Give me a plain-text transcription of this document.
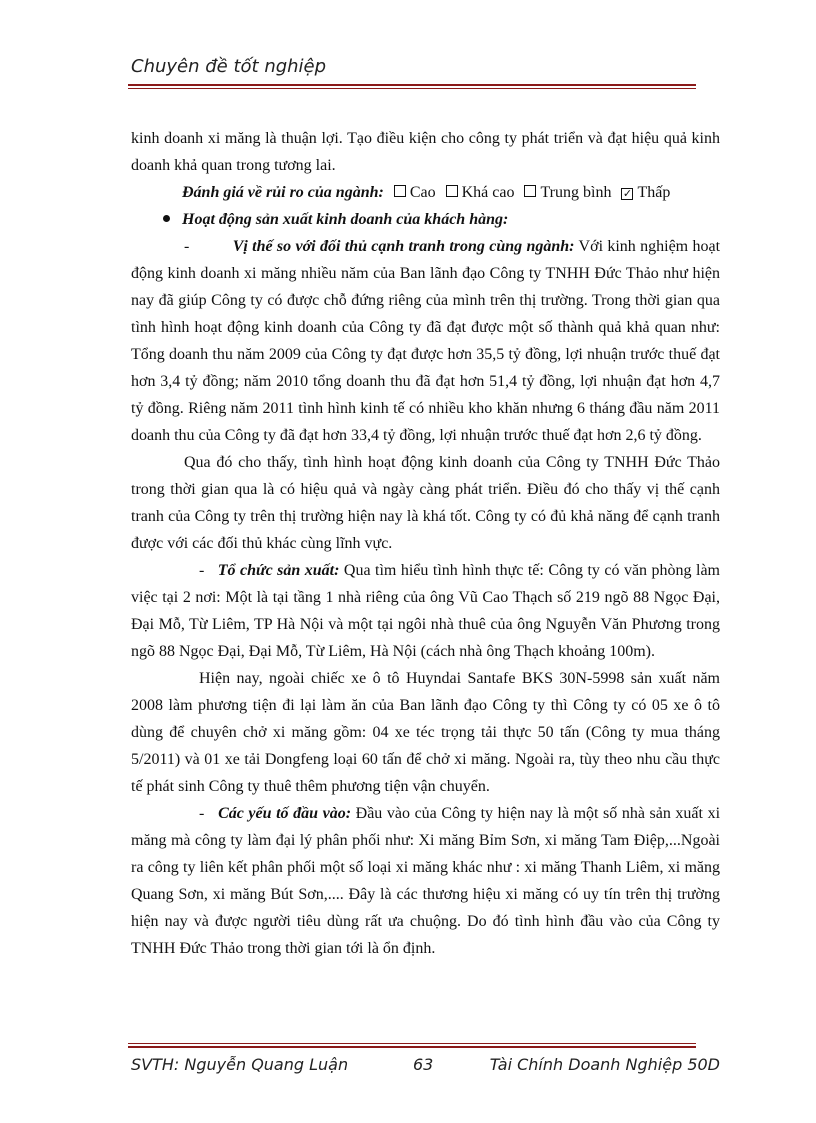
Chuyên đề tốt nghiệp

kinh doanh xi măng là thuận lợi. Tạo điều kiện cho công ty phát triển và đạt hiệu quả kinh doanh khả quan trong tương lai.

Đánh giá về rủi ro của ngành: Cao Khá cao Trung bình ✓ Thấp

Hoạt động sản xuất kinh doanh của khách hàng:

-	Vị thế so với đối thủ cạnh tranh trong cùng ngành: Với kinh nghiệm hoạt động kinh doanh xi măng nhiều năm của Ban lãnh đạo Công ty TNHH Đức Thảo như hiện nay đã giúp Công ty có được chỗ đứng riêng của mình trên thị trường. Trong thời gian qua tình hình hoạt động kinh doanh của Công ty đã đạt được một số thành quả khả quan như: Tổng doanh thu năm 2009 của Công ty đạt được hơn 35,5 tỷ đồng, lợi nhuận trước thuế đạt hơn 3,4 tỷ đồng; năm 2010 tổng doanh thu đã đạt hơn 51,4 tỷ đồng, lợi nhuận đạt hơn 4,7 tỷ đồng. Riêng năm 2011 tình hình kinh tế có nhiều kho khăn nhưng 6 tháng đầu năm 2011 doanh thu của Công ty đã đạt hơn 33,4 tỷ đồng, lợi nhuận trước thuế đạt hơn 2,6 tỷ đồng.

Qua đó cho thấy, tình hình hoạt động kinh doanh của Công ty TNHH Đức Thảo trong thời gian qua là có hiệu quả và ngày càng phát triển. Điều đó cho thấy vị thế cạnh tranh của Công ty trên thị trường hiện nay là khá tốt. Công ty có đủ khả năng để cạnh tranh được với các đối thủ khác cùng lĩnh vực.

- Tổ chức sản xuất: Qua tìm hiểu tình hình thực tế: Công ty có văn phòng làm việc tại 2 nơi: Một là tại tầng 1 nhà riêng của ông Vũ Cao Thạch số 219 ngõ 88 Ngọc Đại, Đại Mỗ, Từ Liêm, TP Hà Nội và một tại ngôi nhà thuê của ông Nguyễn Văn Phương trong ngõ 88 Ngọc Đại, Đại Mỗ, Từ Liêm, Hà Nội (cách nhà ông Thạch khoảng 100m).

Hiện nay, ngoài chiếc xe ô tô Huyndai Santafe BKS 30N-5998 sản xuất năm 2008 làm phương tiện đi lại làm ăn của Ban lãnh đạo Công ty thì Công ty có 05 xe ô tô dùng để chuyên chở xi măng gồm: 04 xe téc trọng tải thực 50 tấn (Công ty mua tháng 5/2011) và 01 xe tải Dongfeng loại 60 tấn để chở xi măng. Ngoài ra, tùy theo nhu cầu thực tế phát sinh Công ty thuê thêm phương tiện vận chuyển.

- Các yếu tố đầu vào: Đầu vào của Công ty hiện nay là một số nhà sản xuất xi măng mà công ty làm đại lý phân phối như: Xi măng Bỉm Sơn, xi măng Tam Điệp,...Ngoài ra công ty liên kết phân phối một số loại xi măng khác như : xi măng Thanh Liêm, xi măng Quang Sơn, xi măng Bút Sơn,.... Đây là các thương hiệu xi măng có uy tín trên thị trường hiện nay và được người tiêu dùng rất ưa chuộng. Do đó tình hình đầu vào của Công ty TNHH Đức Thảo trong thời gian tới là ổn định.

SVTH: Nguyễn Quang Luận	63	Tài Chính Doanh Nghiệp 50D
